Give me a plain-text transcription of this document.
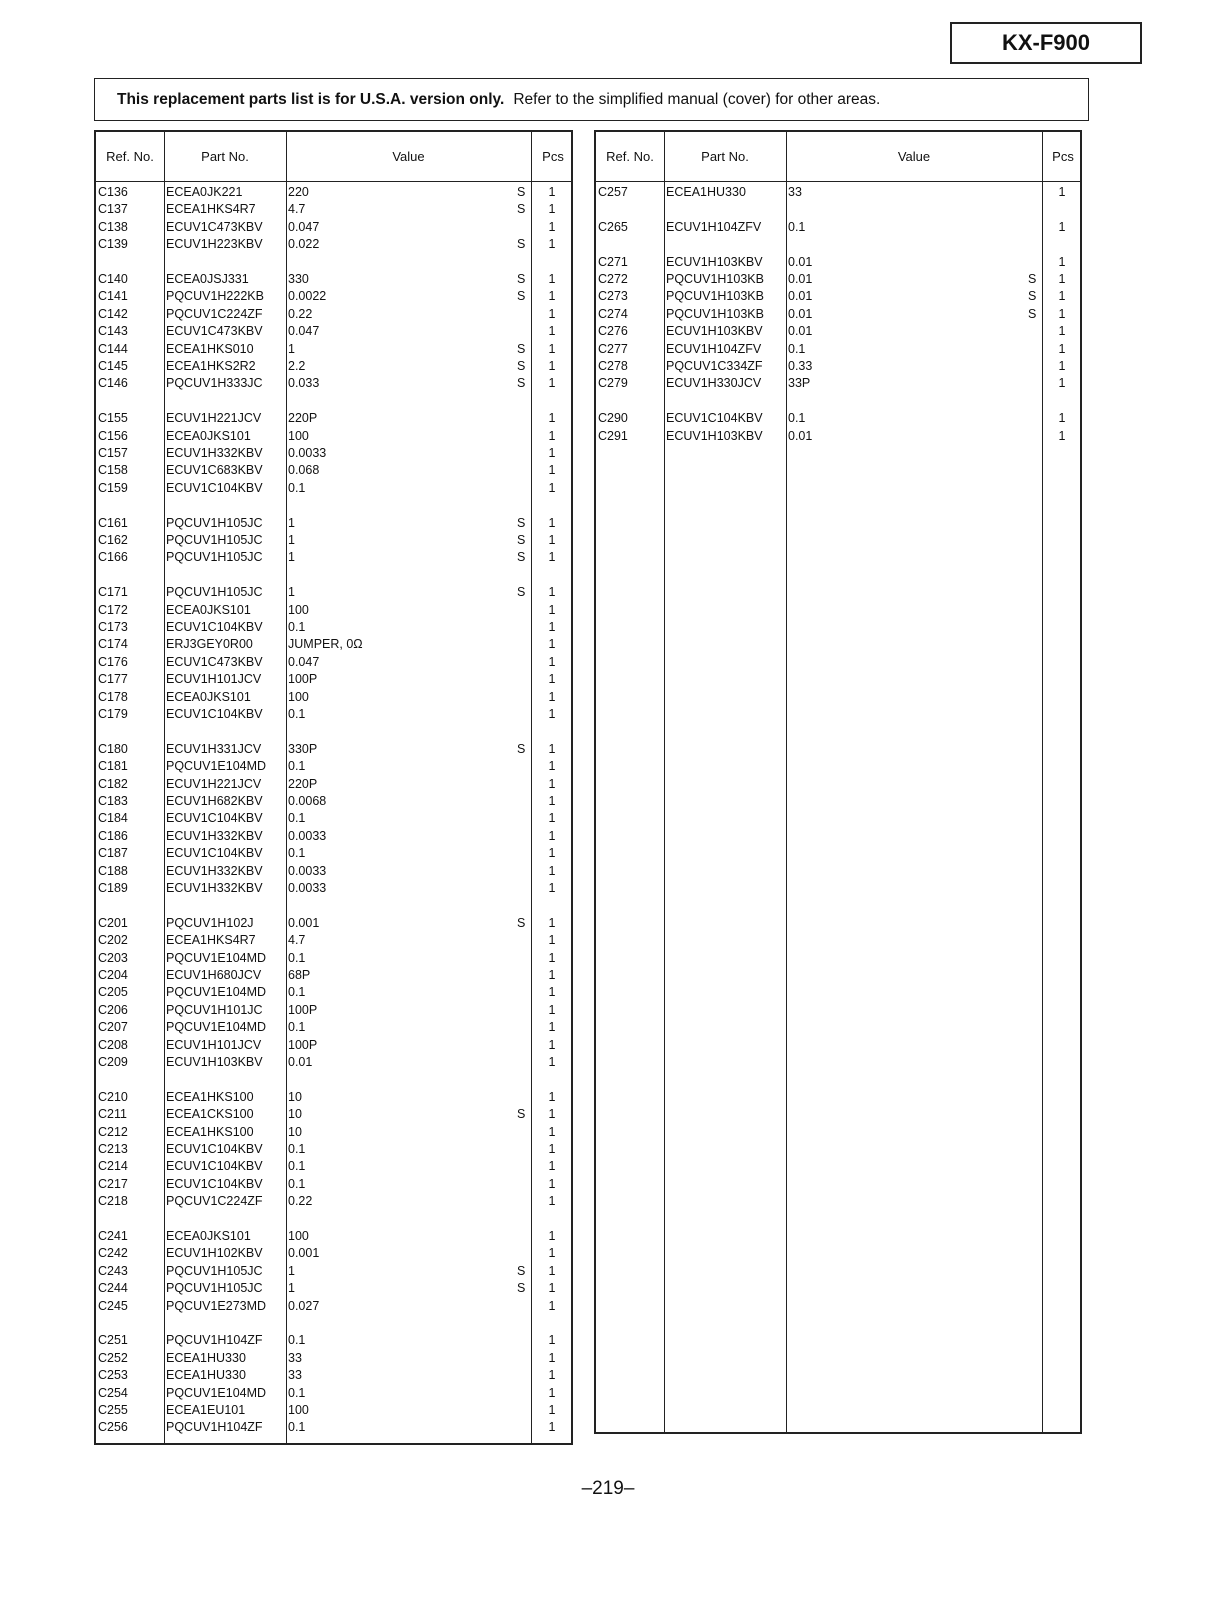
KX-F900
This replacement parts list is for U.S.A. version only. Refer to the simplified manual (cover) for other areas.
Ref. No.	Part No.	Value	Pcs
C136	ECEA0JK221	220	S	1
C137	ECEA1HKS4R7	4.7	S	1
C138	ECUV1C473KBV 0.047	1
C139	ECUV1H223KBV 0.022	S	1
C140	ECEA0JSJ331	330	S	1
C141	PQCUV1H222KB 0.0022	S	1
C142	PQCUV1C224ZF 0.22	1
C143	ECUV1C473KBV 0.047	1
C144	ECEA1HKS010	1	S	1
C145	ECEA1HKS2R2	2.2	S	1
C146	PQCUV1H333JC 0.033	S	1
C155	ECUV1H221JCV 220P	1
C156	ECEA0JKS101	100	1
C157	ECUV1H332KBV 0.0033	1
C158	ECUV1C683KBV 0.068	1
C159	ECUV1C104KBV 0.1	1
C161	PQCUV1H105JC 1	S	1
C162	PQCUV1H105JC 1	S	1
C166	PQCUV1H105JC 1	S	1
C171	PQCUV1H105JC 1	S	1
C172	ECEA0JKS101	100	1
C173	ECUV1C104KBV 0.1	1
C174	ERJ3GEY0R00	JUMPER, 0Ω	1
C176	ECUV1C473KBV 0.047	1
C177	ECUV1H101JCV 100P	1
C178	ECEA0JKS101	100	1
C179	ECUV1C104KBV 0.1	1
C180	ECUV1H331JCV 330P	S	1
C181	PQCUV1E104MD 0.1	1
C182	ECUV1H221JCV 220P	1
C183	ECUV1H682KBV 0.0068	1
C184	ECUV1C104KBV 0.1	1
C186	ECUV1H332KBV 0.0033	1
C187	ECUV1C104KBV 0.1	1
C188	ECUV1H332KBV 0.0033	1
C189	ECUV1H332KBV 0.0033	1
C201	PQCUV1H102J	0.001	S	1
C202	ECEA1HKS4R7	4.7	1
C203	PQCUV1E104MD 0.1	1
C204	ECUV1H680JCV 68P	1
C205	PQCUV1E104MD 0.1	1
C206	PQCUV1H101JC 100P	1
C207	PQCUV1E104MD 0.1	1
C208	ECUV1H101JCV 100P	1
C209	ECUV1H103KBV 0.01	1
C210	ECEA1HKS100	10	1
C211	ECEA1CKS100	10	S	1
C212	ECEA1HKS100	10	1
C213	ECUV1C104KBV 0.1	1
C214	ECUV1C104KBV 0.1	1
C217	ECUV1C104KBV 0.1	1
C218	PQCUV1C224ZF 0.22	1
C241	ECEA0JKS101	100	1
C242	ECUV1H102KBV 0.001	1
C243	PQCUV1H105JC 1	S	1
C244	PQCUV1H105JC 1	S	1
C245	PQCUV1E273MD 0.027	1
C251	PQCUV1H104ZF 0.1	1
C252	ECEA1HU330	33	1
C253	ECEA1HU330	33	1
C254	PQCUV1E104MD 0.1	1
C255	ECEA1EU101	100	1
C256	PQCUV1H104ZF 0.1	1
Ref. No.	Part No.	Value	Pcs
C257	ECEA1HU330	33	1
C265	ECUV1H104ZFV 0.1	1
C271	ECUV1H103KBV 0.01	1
C272	PQCUV1H103KB 0.01	S	1
C273	PQCUV1H103KB 0.01	S	1
C274	PQCUV1H103KB 0.01	S	1
C276	ECUV1H103KBV 0.01	1
C277	ECUV1H104ZFV 0.1	1
C278	PQCUV1C334ZF 0.33	1
C279	ECUV1H330JCV 33P	1
C290	ECUV1C104KBV 0.1	1
C291	ECUV1H103KBV 0.01	1
–219–
